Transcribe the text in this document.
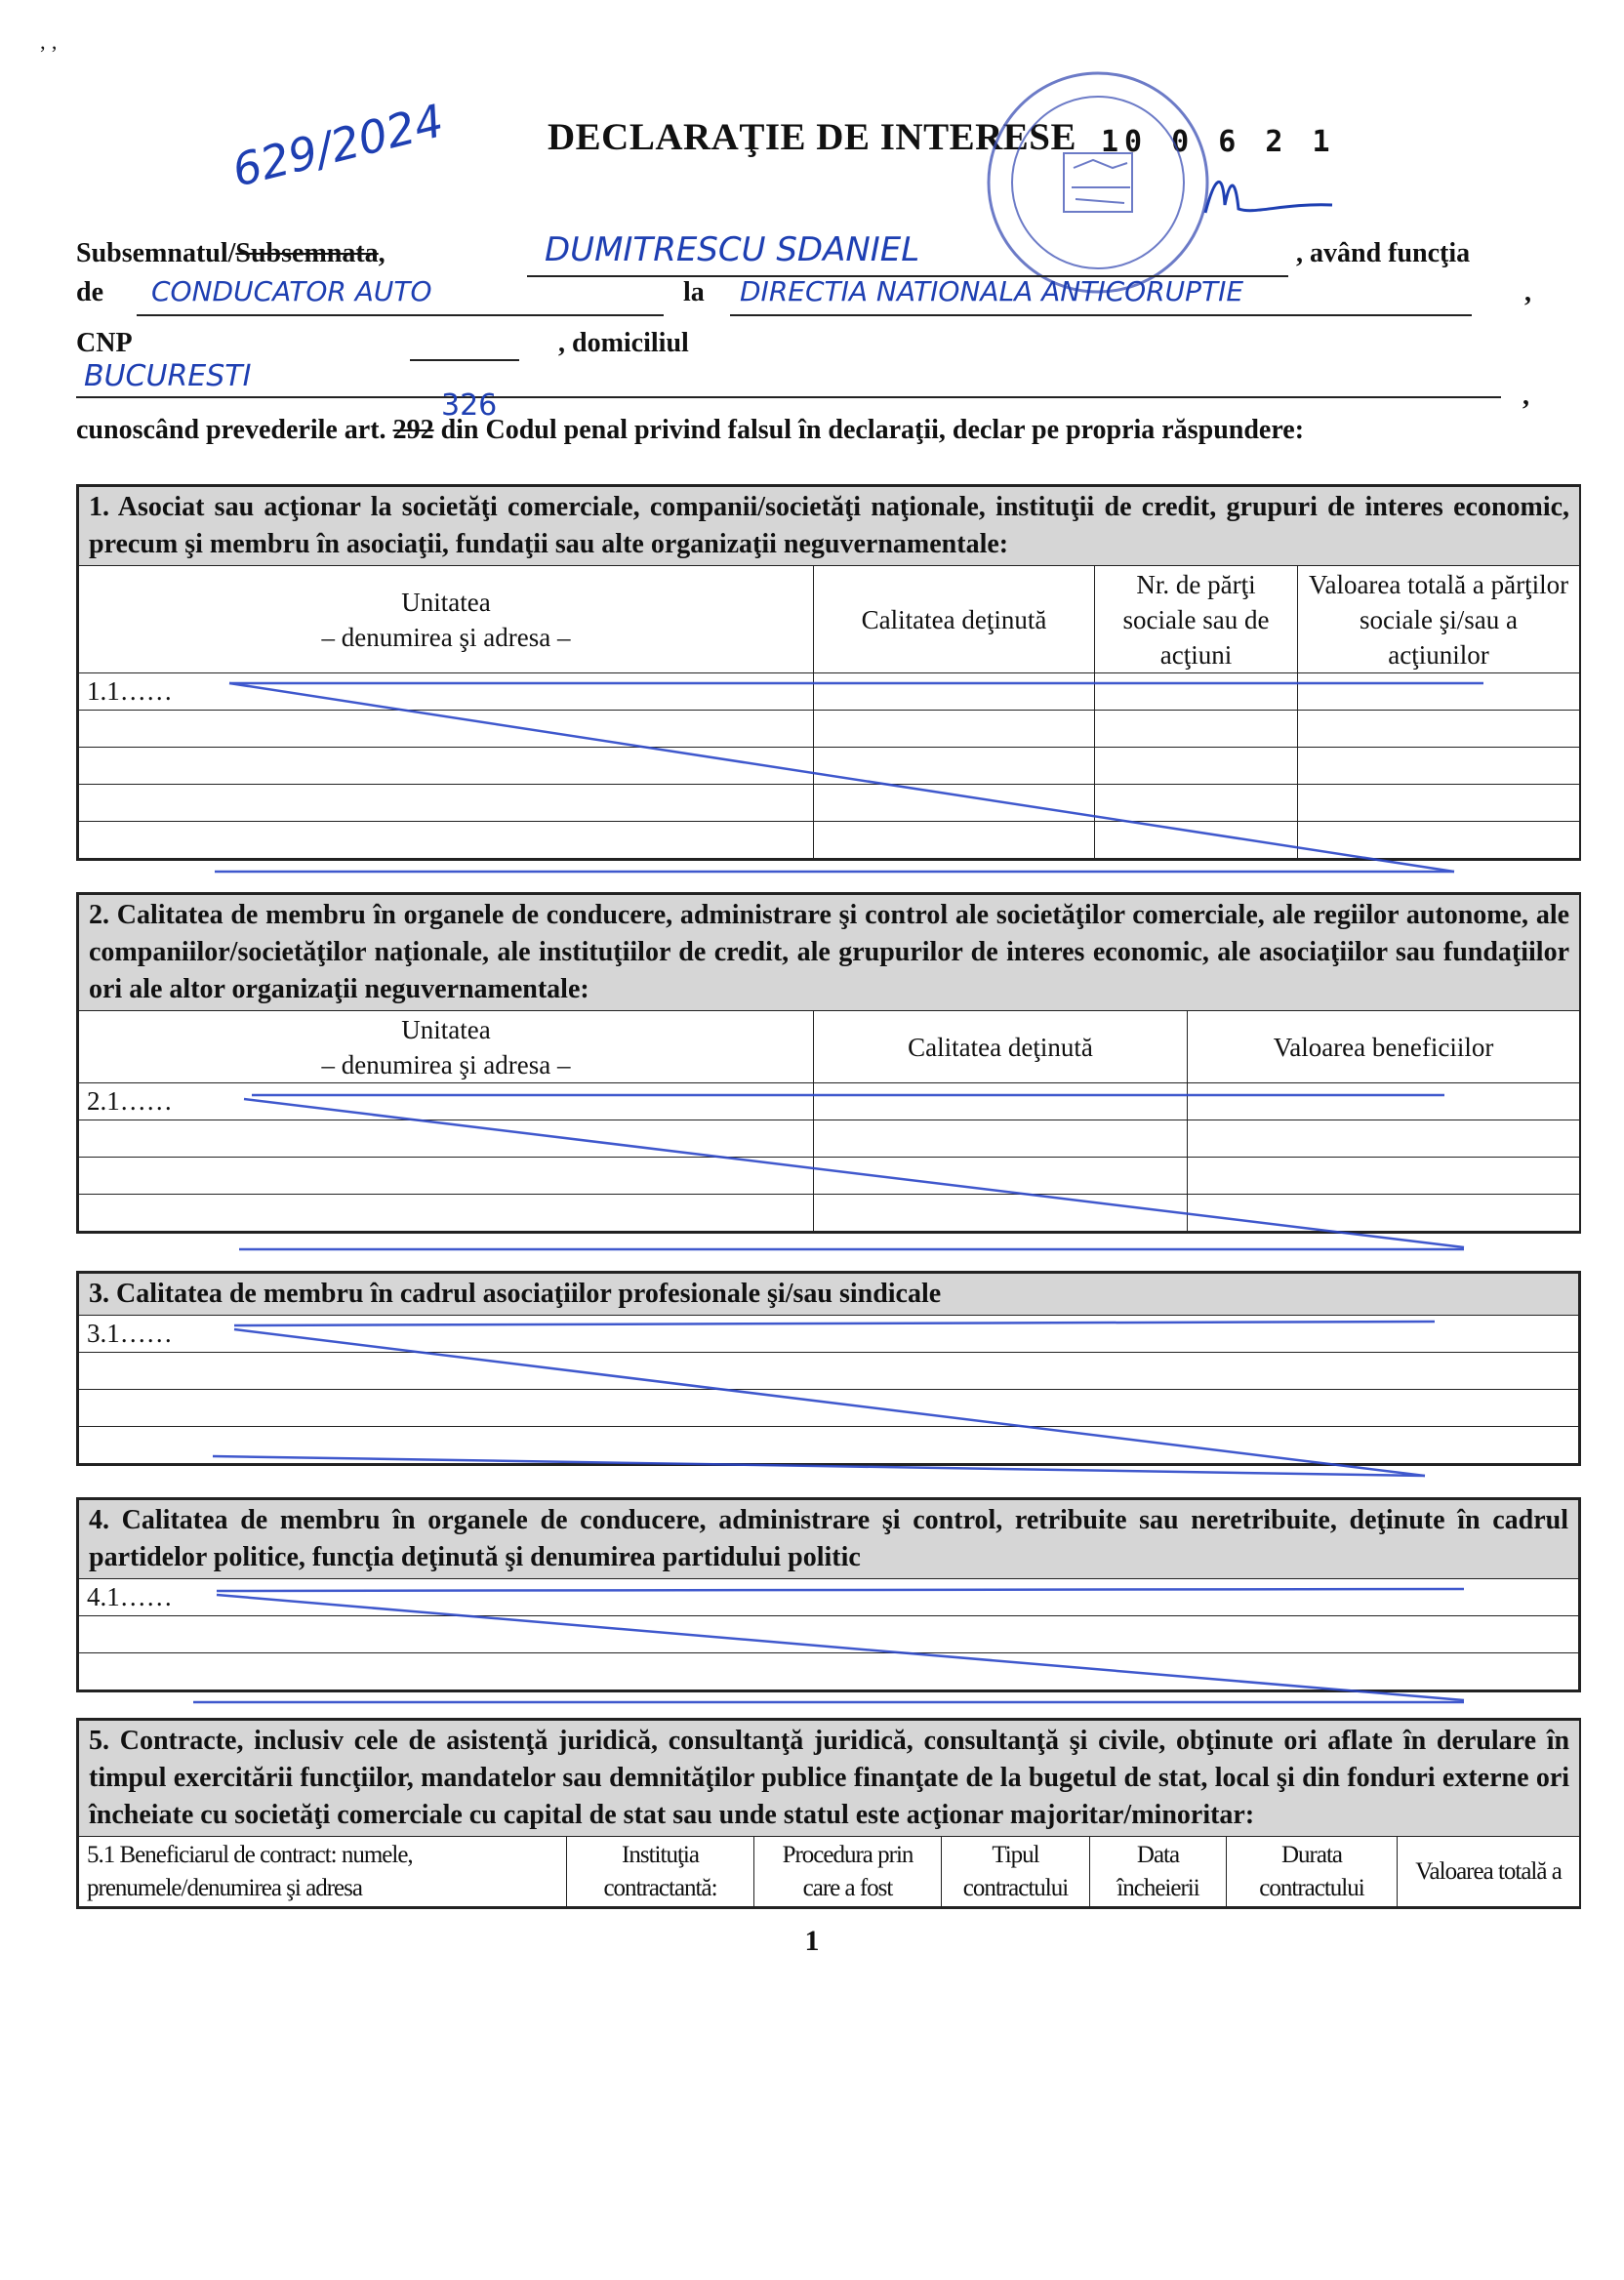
‚ ,
DECLARAŢIE DE INTERESE 10 0 6 2 1
629/2024
Subsemnatul/Subsemnata,	DUMITRESCU SDANIEL	, având funcţia
de CONDUCATOR AUTO	la DIRECTIA NATIONALA ANTICORUPTIE	,
CNP	, domiciliul
BUCURESTI
,
326
cunoscând prevederile art. 292 din Codul penal privind falsul în declaraţii, declar pe propria răspundere:
1. Asociat sau acţionar la societăţi comerciale, companii/societăţi naţionale, instituţii de credit, grupuri de interes economic, precum şi membru în asociaţii, fundaţii sau alte organizaţii neguvernamentale:			
Unitatea
– denumirea şi adresa –	Calitatea deţinută	Nr. de părţi sociale sau de acţiuni	Valoarea totală a părţilor sociale şi/sau a acţiunilor
1.1……			

2. Calitatea de membru în organele de conducere, administrare şi control ale societăţilor comerciale, ale regiilor autonome, ale companiilor/societăţilor naţionale, ale instituţiilor de credit, ale grupurilor de interes economic, ale asociaţiilor sau fundaţiilor ori ale altor organizaţii neguvernamentale:		
Unitatea
– denumirea şi adresa –	Calitatea deţinută	Valoarea beneficiilor
2.1……		

3. Calitatea de membru în cadrul asociaţiilor profesionale şi/sau sindicale
3.1……

4. Calitatea de membru în organele de conducere, administrare şi control, retribuite sau neretribuite, deţinute în cadrul partidelor politice, funcţia deţinută şi denumirea partidului politic
4.1……

5. Contracte, inclusiv cele de asistenţă juridică, consultanţă juridică, consultanţă şi civile, obţinute ori aflate în derulare în timpul exercitării funcţiilor, mandatelor sau demnităţilor publice finanţate de la bugetul de stat, local şi din fonduri externe ori încheiate cu societăţi comerciale cu capital de stat sau unde statul este acţionar majoritar/minoritar:
5.1 Beneficiarul de contract: numele, prenumele/denumirea şi adresa	Instituţia contractantă:	Procedura prin care a fost	Tipul contractului	Data încheierii	Durata contractului	Valoarea totală a
1
